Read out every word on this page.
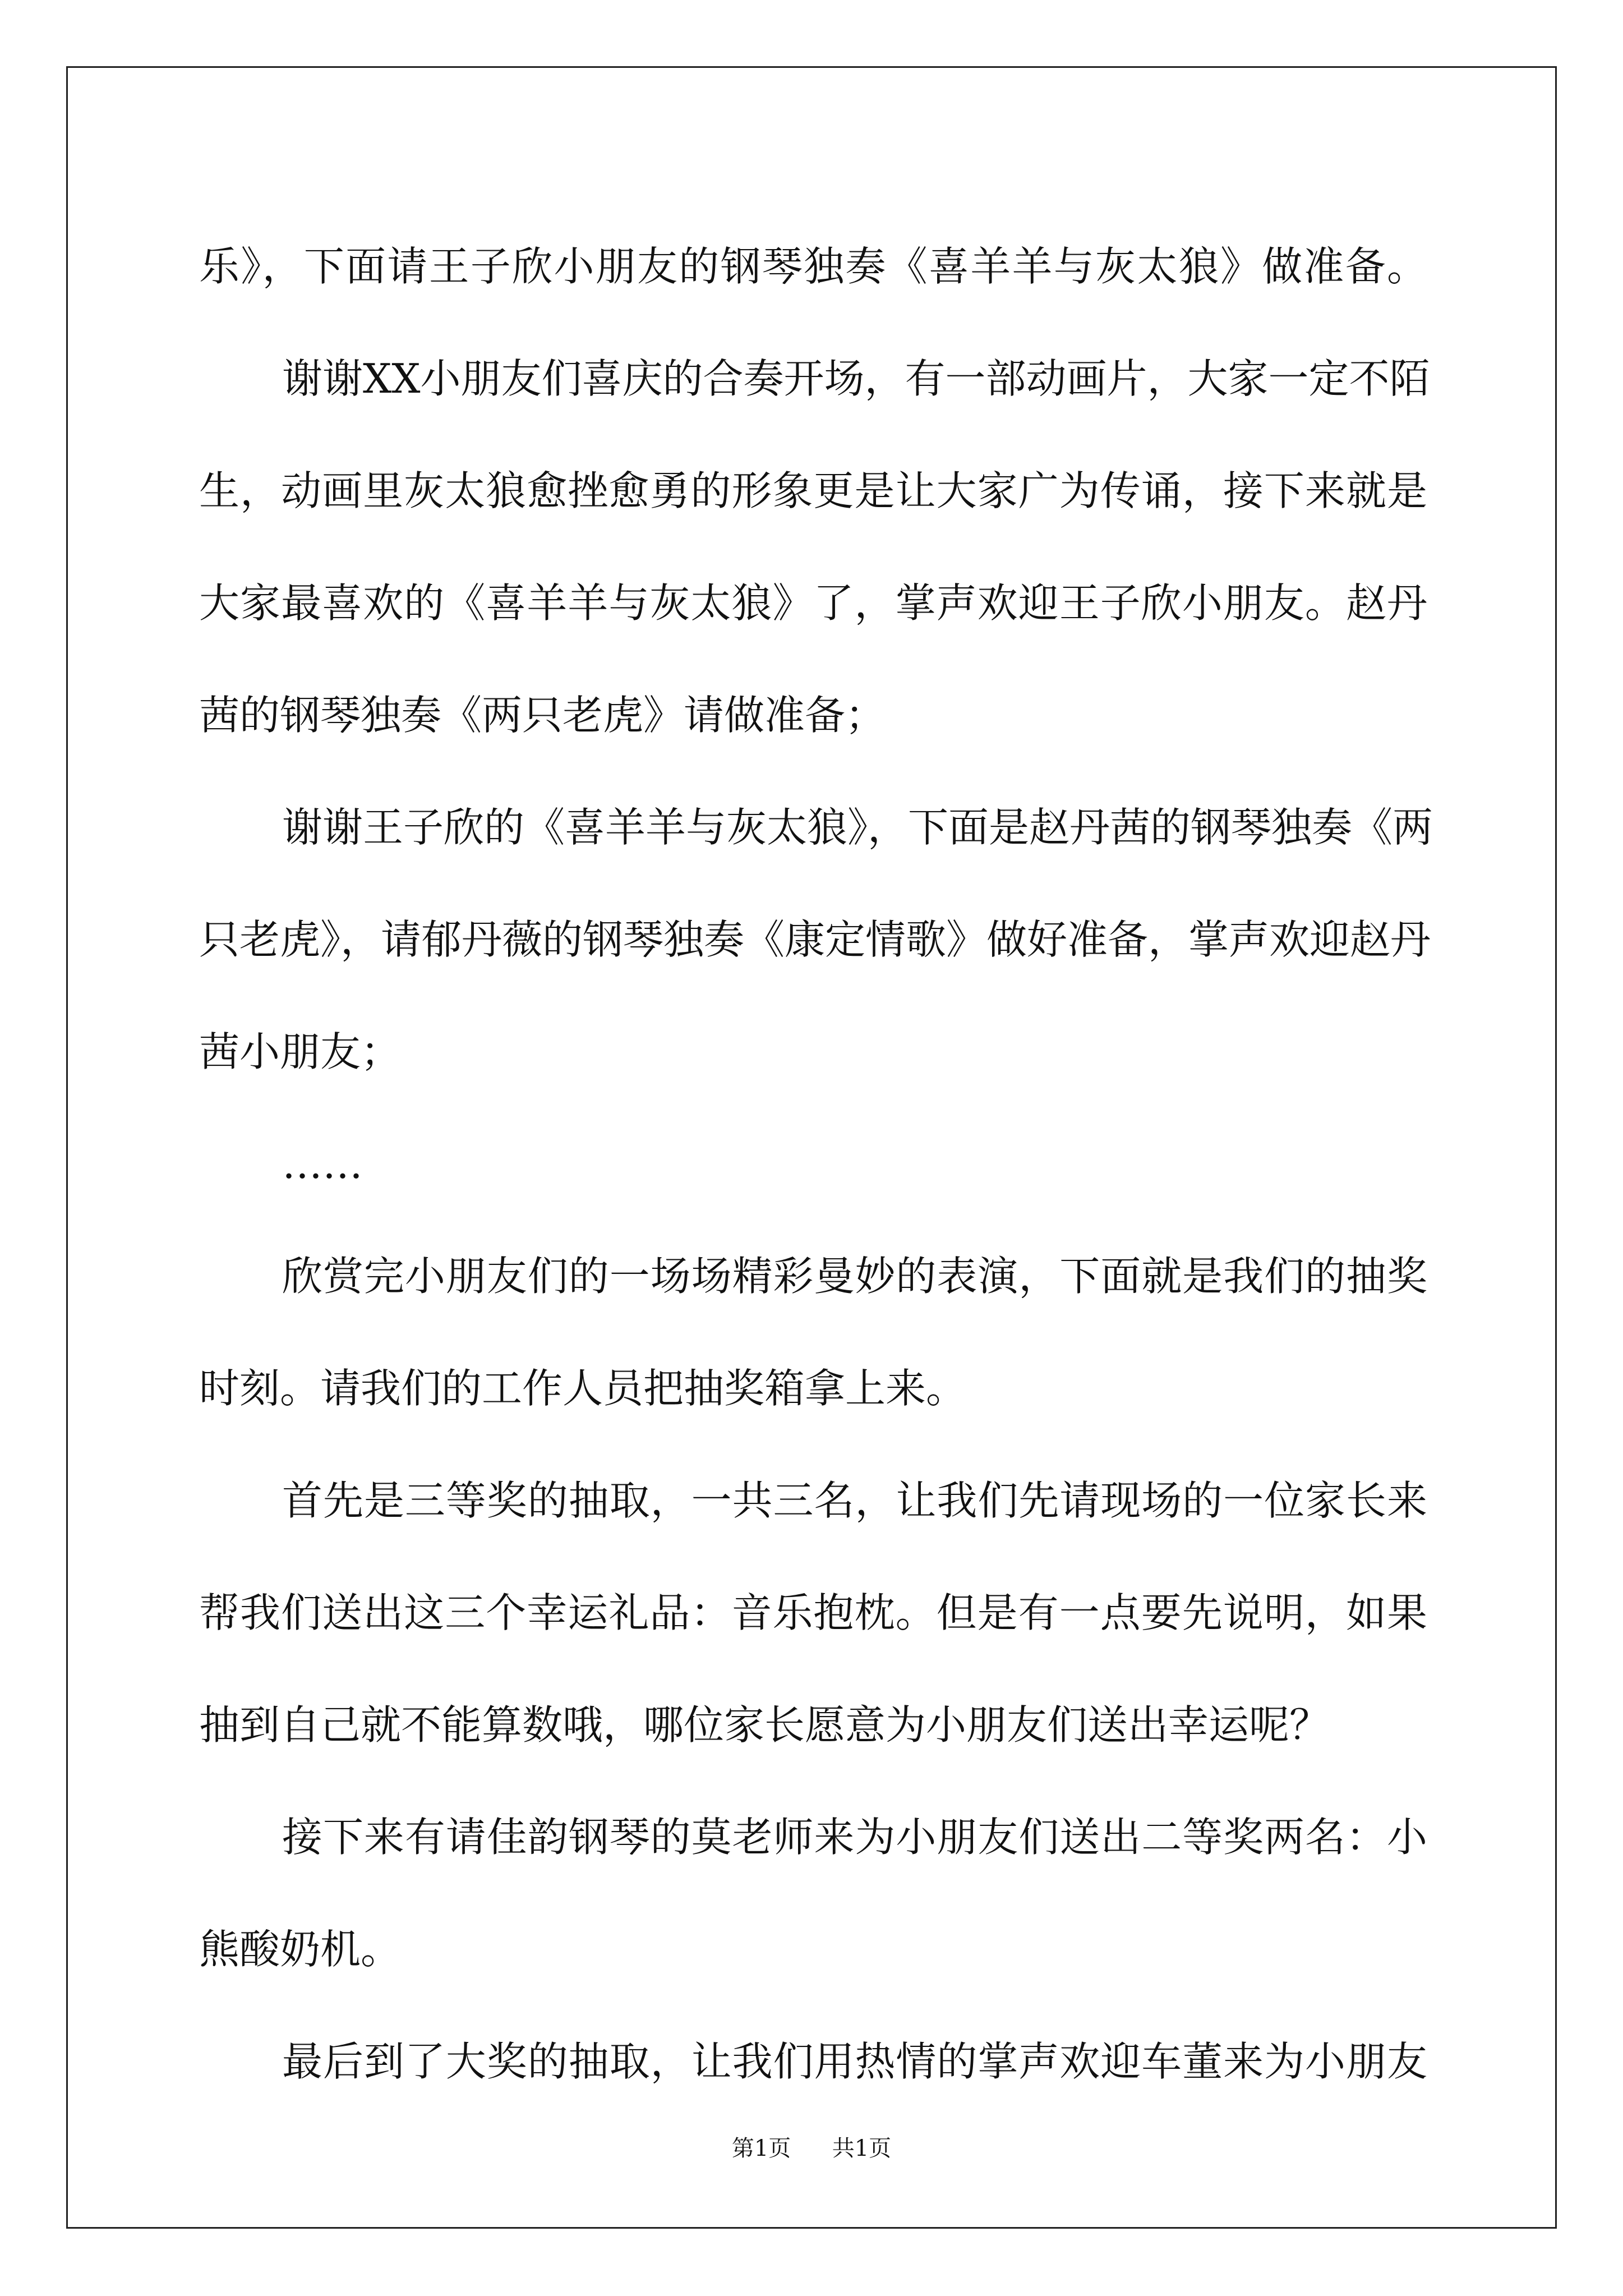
乐》，下面请王子欣小朋友的钢琴独奏《喜羊羊与灰太狼》做准备。
谢谢XX小朋友们喜庆的合奏开场，有一部动画片，大家一定不陌
生，动画里灰太狼愈挫愈勇的形象更是让大家广为传诵，接下来就是
大家最喜欢的《喜羊羊与灰太狼》了，掌声欢迎王子欣小朋友。赵丹
茜的钢琴独奏《两只老虎》请做准备；
谢谢王子欣的《喜羊羊与灰太狼》，下面是赵丹茜的钢琴独奏《两
只老虎》，请郁丹薇的钢琴独奏《康定情歌》做好准备，掌声欢迎赵丹
茜小朋友；
……
欣赏完小朋友们的一场场精彩曼妙的表演，下面就是我们的抽奖
时刻。请我们的工作人员把抽奖箱拿上来。
首先是三等奖的抽取，一共三名，让我们先请现场的一位家长来
帮我们送出这三个幸运礼品：音乐抱枕。但是有一点要先说明，如果
抽到自己就不能算数哦，哪位家长愿意为小朋友们送出幸运呢？
接下来有请佳韵钢琴的莫老师来为小朋友们送出二等奖两名：小
熊酸奶机。
最后到了大奖的抽取，让我们用热情的掌声欢迎车董来为小朋友
第1页 共1页
